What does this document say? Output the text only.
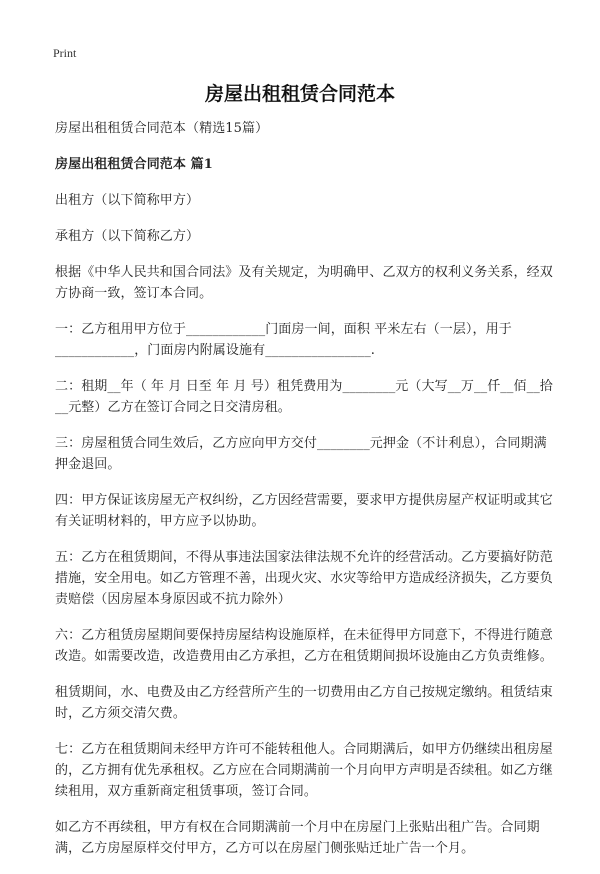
Print
房屋出租租赁合同范本

房屋出租租赁合同范本（精选15篇）

房屋出租租赁合同范本 篇1

出租方（以下简称甲方）

承租方（以下简称乙方）

根据《中华人民共和国合同法》及有关规定，为明确甲、乙双方的权利义务关系，经双方协商一致，签订本合同。

一：乙方租用甲方位于____________门面房一间，面积 平米左右（一层），用于____________，门面房内附属设施有________________.

二：租期__年（ 年 月 日至 年 月 号）租凭费用为________元（大写__万__仟__佰__拾__元整）乙方在签订合同之日交清房租。

三：房屋租赁合同生效后，乙方应向甲方交付________元押金（不计利息），合同期满押金退回。

四：甲方保证该房屋无产权纠纷，乙方因经营需要，要求甲方提供房屋产权证明或其它有关证明材料的，甲方应予以协助。

五：乙方在租赁期间，不得从事违法国家法律法规不允许的经营活动。乙方要搞好防范措施，安全用电。如乙方管理不善，出现火灾、水灾等给甲方造成经济损失，乙方要负责赔偿（因房屋本身原因或不抗力除外）

六：乙方租赁房屋期间要保持房屋结构设施原样，在未征得甲方同意下，不得进行随意改造。如需要改造，改造费用由乙方承担，乙方在租赁期间损坏设施由乙方负责维修。

租赁期间，水、电费及由乙方经营所产生的一切费用由乙方自己按规定缴纳。租赁结束时，乙方须交清欠费。

七：乙方在租赁期间未经甲方许可不能转租他人。合同期满后，如甲方仍继续出租房屋的，乙方拥有优先承租权。乙方应在合同期满前一个月向甲方声明是否续租。如乙方继续租用，双方重新商定租赁事项，签订合同。

如乙方不再续租，甲方有权在合同期满前一个月中在房屋门上张贴出租广告。合同期满，乙方房屋原样交付甲方，乙方可以在房屋门侧张贴迁址广告一个月。
